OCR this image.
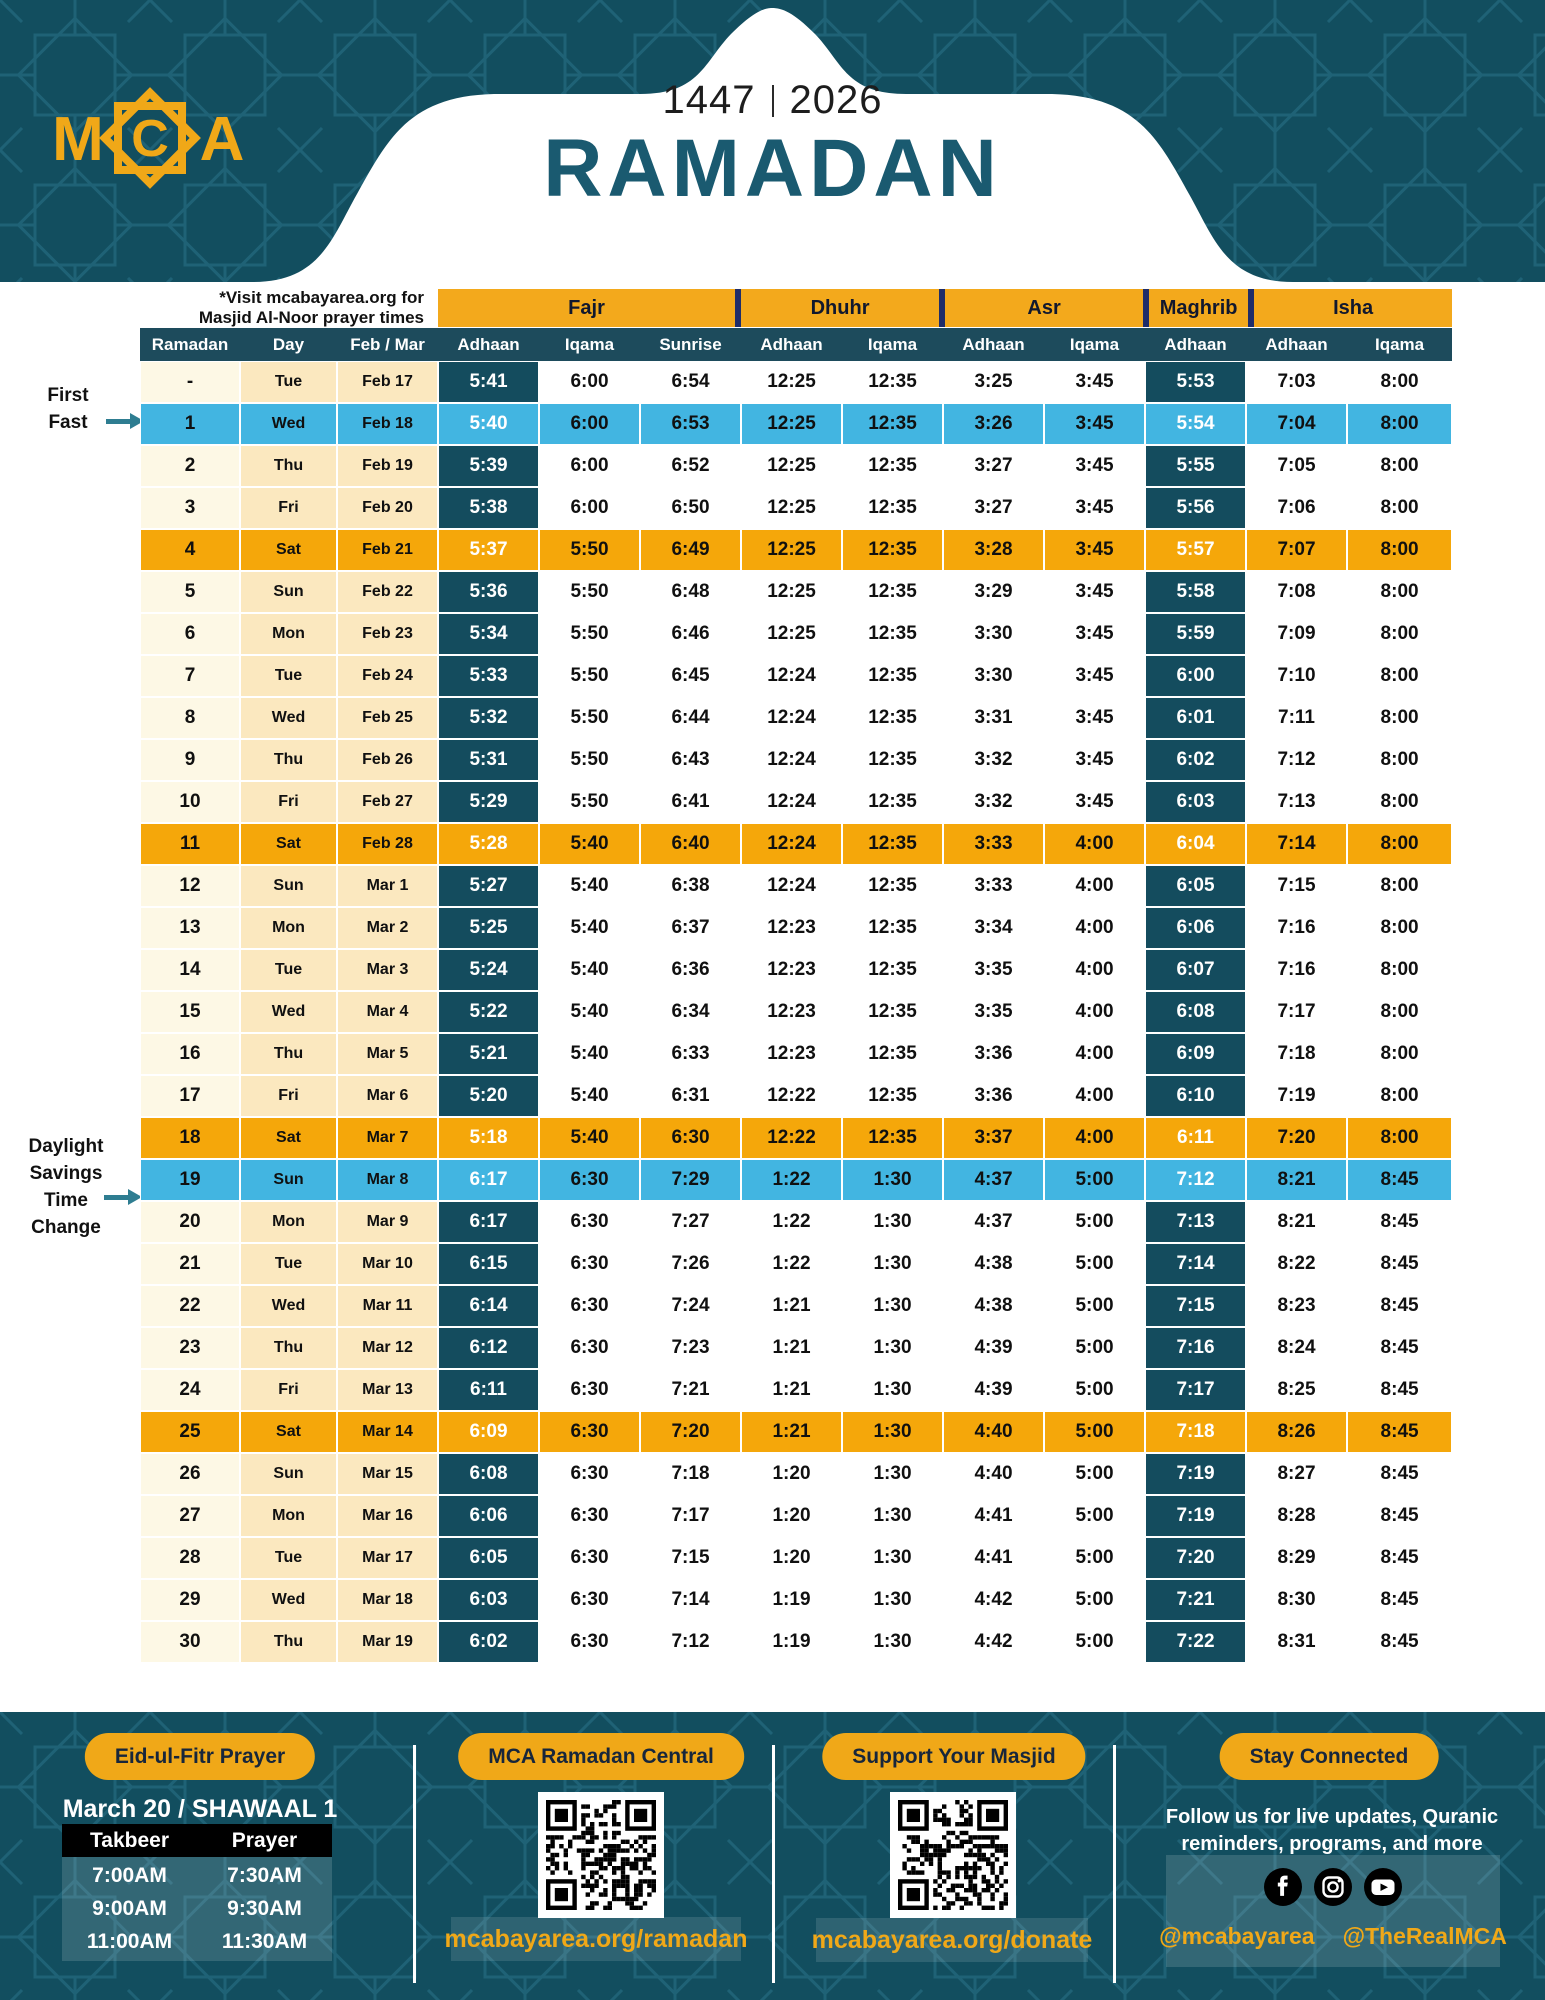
C
M A
1447 2026
RAMADAN
First
Fast
Daylight
Savings
Time
Change
*Visit mcabayarea.org for
Masjid Al-Noor prayer times	Fajr	Dhuhr	Asr	Maghrib	Isha

Ramadan	Day	Feb / Mar	Adhaan	Iqama	Sunrise	Adhaan	Iqama	Adhaan	Iqama	Adhaan	Adhaan	Iqama
-	Tue	Feb 17	5:41	6:00	6:54	12:25	12:35	3:25	3:45	5:53	7:03	8:00
1	Wed	Feb 18	5:40	6:00	6:53	12:25	12:35	3:26	3:45	5:54	7:04	8:00
2	Thu	Feb 19	5:39	6:00	6:52	12:25	12:35	3:27	3:45	5:55	7:05	8:00
3	Fri	Feb 20	5:38	6:00	6:50	12:25	12:35	3:27	3:45	5:56	7:06	8:00
4	Sat	Feb 21	5:37	5:50	6:49	12:25	12:35	3:28	3:45	5:57	7:07	8:00
5	Sun	Feb 22	5:36	5:50	6:48	12:25	12:35	3:29	3:45	5:58	7:08	8:00
6	Mon	Feb 23	5:34	5:50	6:46	12:25	12:35	3:30	3:45	5:59	7:09	8:00
7	Tue	Feb 24	5:33	5:50	6:45	12:24	12:35	3:30	3:45	6:00	7:10	8:00
8	Wed	Feb 25	5:32	5:50	6:44	12:24	12:35	3:31	3:45	6:01	7:11	8:00
9	Thu	Feb 26	5:31	5:50	6:43	12:24	12:35	3:32	3:45	6:02	7:12	8:00
10	Fri	Feb 27	5:29	5:50	6:41	12:24	12:35	3:32	3:45	6:03	7:13	8:00
11	Sat	Feb 28	5:28	5:40	6:40	12:24	12:35	3:33	4:00	6:04	7:14	8:00
12	Sun	Mar 1	5:27	5:40	6:38	12:24	12:35	3:33	4:00	6:05	7:15	8:00
13	Mon	Mar 2	5:25	5:40	6:37	12:23	12:35	3:34	4:00	6:06	7:16	8:00
14	Tue	Mar 3	5:24	5:40	6:36	12:23	12:35	3:35	4:00	6:07	7:16	8:00
15	Wed	Mar 4	5:22	5:40	6:34	12:23	12:35	3:35	4:00	6:08	7:17	8:00
16	Thu	Mar 5	5:21	5:40	6:33	12:23	12:35	3:36	4:00	6:09	7:18	8:00
17	Fri	Mar 6	5:20	5:40	6:31	12:22	12:35	3:36	4:00	6:10	7:19	8:00
18	Sat	Mar 7	5:18	5:40	6:30	12:22	12:35	3:37	4:00	6:11	7:20	8:00
19	Sun	Mar 8	6:17	6:30	7:29	1:22	1:30	4:37	5:00	7:12	8:21	8:45
20	Mon	Mar 9	6:17	6:30	7:27	1:22	1:30	4:37	5:00	7:13	8:21	8:45
21	Tue	Mar 10	6:15	6:30	7:26	1:22	1:30	4:38	5:00	7:14	8:22	8:45
22	Wed	Mar 11	6:14	6:30	7:24	1:21	1:30	4:38	5:00	7:15	8:23	8:45
23	Thu	Mar 12	6:12	6:30	7:23	1:21	1:30	4:39	5:00	7:16	8:24	8:45
24	Fri	Mar 13	6:11	6:30	7:21	1:21	1:30	4:39	5:00	7:17	8:25	8:45
25	Sat	Mar 14	6:09	6:30	7:20	1:21	1:30	4:40	5:00	7:18	8:26	8:45
26	Sun	Mar 15	6:08	6:30	7:18	1:20	1:30	4:40	5:00	7:19	8:27	8:45
27	Mon	Mar 16	6:06	6:30	7:17	1:20	1:30	4:41	5:00	7:19	8:28	8:45
28	Tue	Mar 17	6:05	6:30	7:15	1:20	1:30	4:41	5:00	7:20	8:29	8:45
29	Wed	Mar 18	6:03	6:30	7:14	1:19	1:30	4:42	5:00	7:21	8:30	8:45
30	Thu	Mar 19	6:02	6:30	7:12	1:19	1:30	4:42	5:00	7:22	8:31	8:45
Eid-ul-Fitr Prayer
March 20 / SHAWAAL 1
Takbeer	Prayer
7:00AM	7:30AM
9:00AM	9:30AM
11:00AM	11:30AM
MCA Ramadan Central
mcabayarea.org/ramadan
Support Your Masjid
mcabayarea.org/donate
Stay Connected
Follow us for live updates, Quranic
reminders, programs, and more
@mcabayarea @TheRealMCA
